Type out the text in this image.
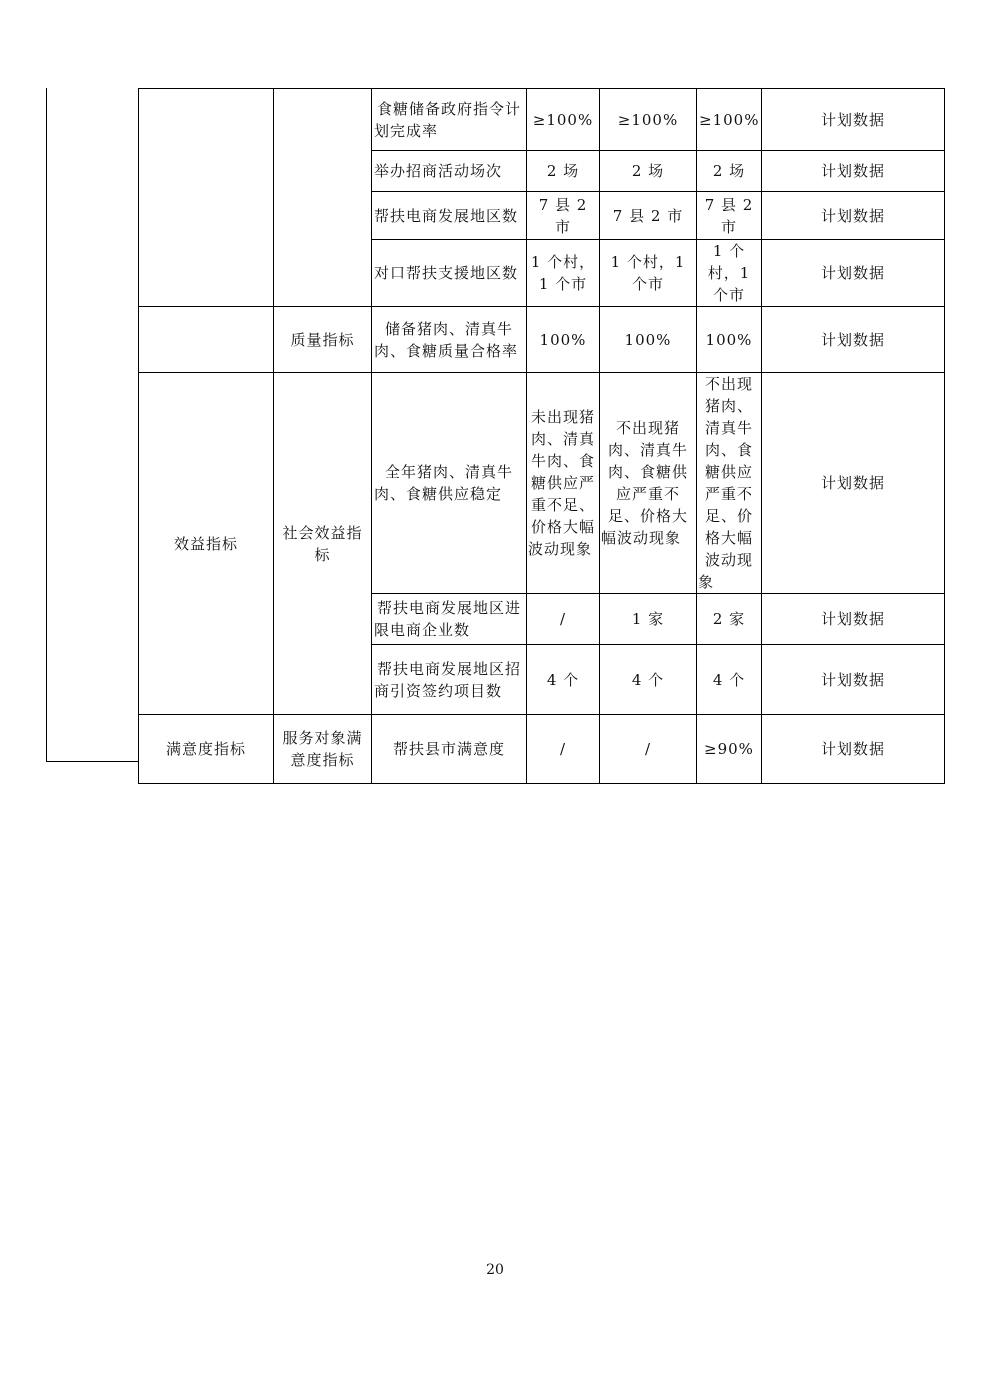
		食糖储备政府指令计划完成率	≥100%	≥100%	≥100%	计划数据
		举办招商活动场次	2 场	2 场	2 场	计划数据
		帮扶电商发展地区数	7 县 2 市	7 县 2 市	7 县 2 市	计划数据
		对口帮扶支援地区数	1 个村，1 个市	1 个村，1 个市	1 个村，1 个市	计划数据
	质量指标	储备猪肉、清真牛肉、食糖质量合格率	100%	100%	100%	计划数据
效益指标	社会效益指标	全年猪肉、清真牛肉、食糖供应稳定	未出现猪肉、清真牛肉、食糖供应严重不足、价格大幅波动现象	不出现猪肉、清真牛肉、食糖供应严重不足、价格大幅波动现象	不出现猪肉、清真牛肉、食糖供应严重不足、价格大幅波动现象	计划数据
		帮扶电商发展地区进限电商企业数	/	1 家	2 家	计划数据
		帮扶电商发展地区招商引资签约项目数	4 个	4 个	4 个	计划数据
满意度指标	服务对象满意度指标	帮扶县市满意度	/	/	≥90%	计划数据
20
